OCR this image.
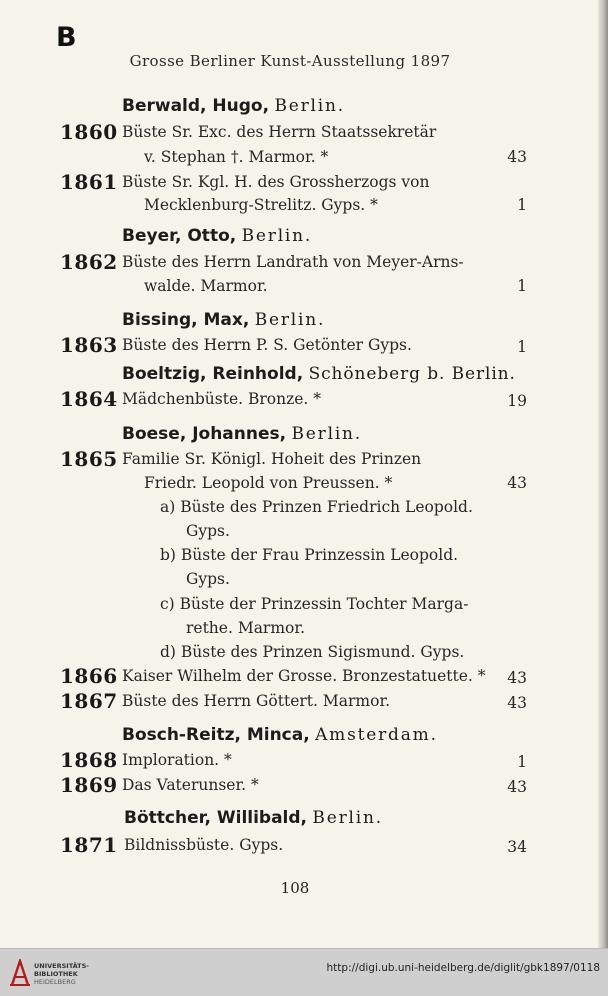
B
Grosse Berliner Kunst-Ausstellung 1897
Berwald, Hugo, Berlin.
1860 Büste Sr. Exc. des Herrn Staatssekretär
v. Stephan †. Marmor. *	43
1861 Büste Sr. Kgl. H. des Grossherzogs von
Mecklenburg-Strelitz. Gyps. *	1
Beyer, Otto, Berlin.
1862 Büste des Herrn Landrath von Meyer-Arns-
walde. Marmor.	1
Bissing, Max, Berlin.
1863 Büste des Herrn P. S. Getönter Gyps.	1
Boeltzig, Reinhold, Schöneberg b. Berlin.
1864 Mädchenbüste. Bronze. *	19
Boese, Johannes, Berlin.
1865 Familie Sr. Königl. Hoheit des Prinzen
Friedr. Leopold von Preussen. *	43
a) Büste des Prinzen Friedrich Leopold.
Gyps.
b) Büste der Frau Prinzessin Leopold.
Gyps.
c) Büste der Prinzessin Tochter Marga-
rethe. Marmor.
d) Büste des Prinzen Sigismund. Gyps.
1866 Kaiser Wilhelm der Grosse. Bronzestatuette. *	43
1867 Büste des Herrn Göttert. Marmor.	43
Bosch-Reitz, Minca, Amsterdam.
1868 Imploration. *	1
1869 Das Vaterunser. *	43
Böttcher, Willibald, Berlin.
1871 Bildnissbüste. Gyps.	34
108
UNIVERSITÄTS-
BIBLIOTHEK
HEIDELBERG
http://digi.ub.uni-heidelberg.de/diglit/gbk1897/0118
